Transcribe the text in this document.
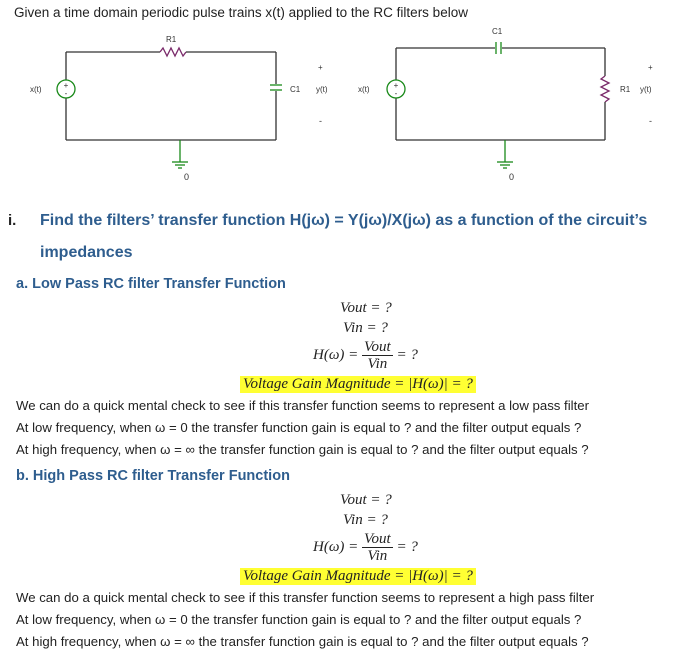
Given a time domain periodic pulse trains x(t) applied to the RC filters below
+
-
R1
C1
x(t)	y(t)
+
-
0
+
-
C1
R1
x(t)	y(t)
+
-
0
i. Find the filters’ transfer function H(jω) = Y(jω)/X(jω) as a function of the circuit’s
impedances
a. Low Pass RC filter Transfer Function
Vout = ?
Vin = ?
$H(\omega) = \frac{\text{Vout}}{\text{Vin}}$ = ?
Voltage Gain Magnitude = |H(ω)| = ?
We can do a quick mental check to see if this transfer function seems to represent a low pass filter
At low frequency, when ω = 0 the transfer function gain is equal to ? and the filter output equals ?
At high frequency, when ω = ∞ the transfer function gain is equal to ? and the filter output equals ?
b. High Pass RC filter Transfer Function
Vout = ?
Vin = ?
$H(\omega) = \frac{\text{Vout}}{\text{Vin}}$ = ?
Voltage Gain Magnitude = |H(ω)| = ?
We can do a quick mental check to see if this transfer function seems to represent a high pass filter
At low frequency, when ω = 0 the transfer function gain is equal to ? and the filter output equals ?
At high frequency, when ω = ∞ the transfer function gain is equal to ? and the filter output equals ?
